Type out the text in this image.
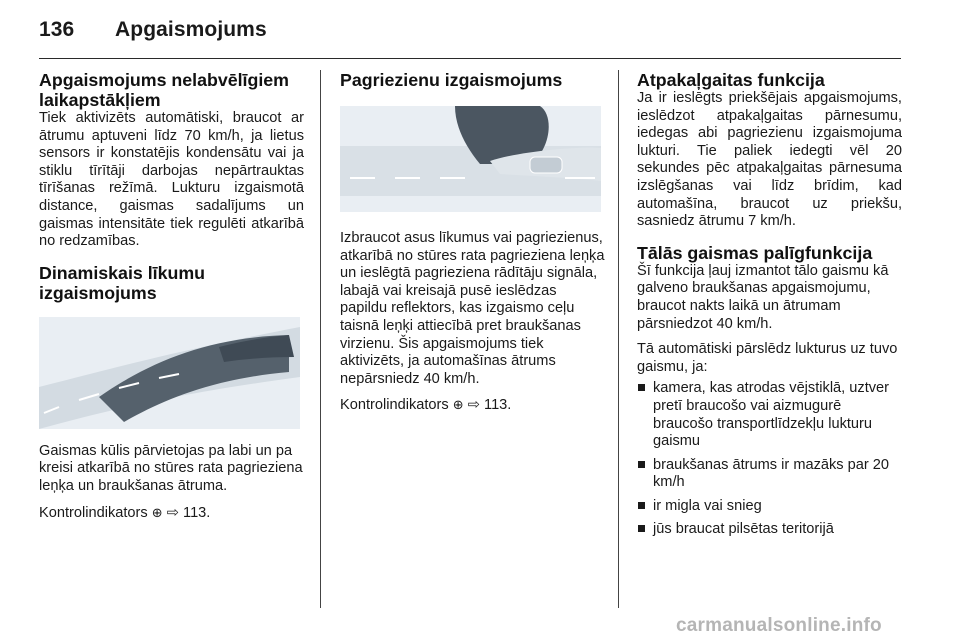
136 Apgaismojums
Apgaismojums nelabvēlīgiem laikapstākļiem

Tiek aktivizēts automātiski, braucot ar ātrumu aptuveni līdz 70 km/h, ja lietus sensors ir konstatējis kondensātu vai ja stiklu tīrītāji darbojas nepārtrauktas tīrīšanas režīmā. Lukturu izgaismotā distance, gaismas sadalījums un gaismas intensitāte tiek regulēti atkarībā no redzamības.

Dinamiskais līkumu izgaismojums

Gaismas kūlis pārvietojas pa labi un pa kreisi atkarībā no stūres rata pagrieziena leņķa un braukšanas ātruma.

Kontrolindikators ⊕ ⇨ 113.

Pagriezienu izgaismojums

Izbraucot asus līkumus vai pagriezienus, atkarībā no stūres rata pagrieziena leņķa un ieslēgtā pagrieziena rādītāju signāla, labajā vai kreisajā pusē ieslēdzas papildu reflektors, kas izgaismo ceļu taisnā leņķi attiecībā pret braukšanas virzienu. Šis apgaismojums tiek aktivizēts, ja automašīnas ātrums nepārsniedz 40 km/h.

Kontrolindikators ⊕ ⇨ 113.

Atpakaļgaitas funkcija

Ja ir ieslēgts priekšējais apgaismojums, ieslēdzot atpakaļgaitas pārnesumu, iedegas abi pagriezienu izgaismojuma lukturi. Tie paliek iedegti vēl 20 sekundes pēc atpakaļgaitas pārnesuma izslēgšanas vai līdz brīdim, kad automašīna, braucot uz priekšu, sasniedz ātrumu 7 km/h.

Tālās gaismas palīgfunkcija

Šī funkcija ļauj izmantot tālo gaismu kā galveno braukšanas apgaismojumu, braucot nakts laikā un ātrumam pārsniedzot 40 km/h.

Tā automātiski pārslēdz lukturus uz tuvo gaismu, ja:

kamera, kas atrodas vējstiklā, uztver pretī braucošo vai aizmugurē braucošo transportlīdzekļu lukturu gaismu
braukšanas ātrums ir mazāks par 20 km/h
ir migla vai snieg
jūs braucat pilsētas teritorijā
carmanualsonline.info
